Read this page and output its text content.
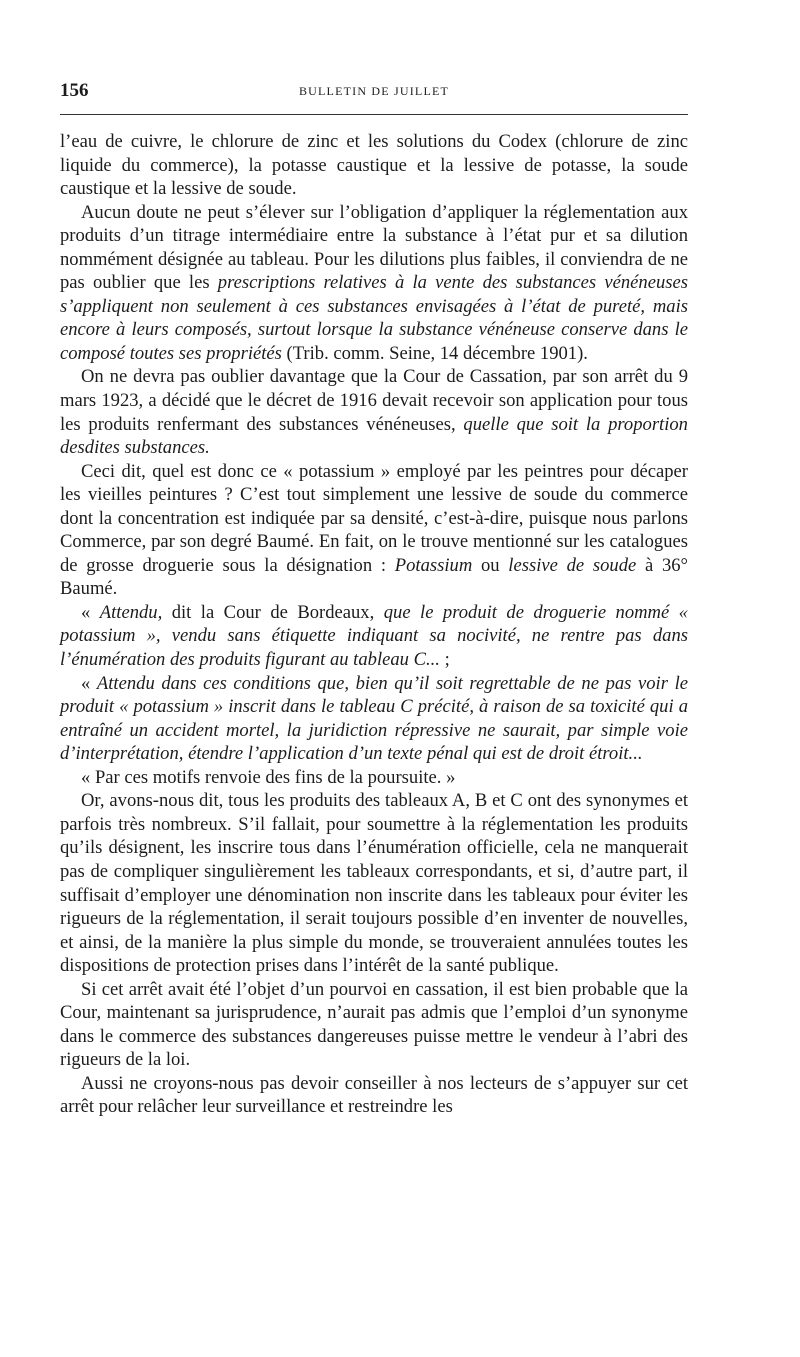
156	BULLETIN DE JUILLET

l’eau de cuivre, le chlorure de zinc et les solutions du Codex (chlorure de zinc liquide du commerce), la potasse caustique et la lessive de potasse, la soude caustique et la lessive de soude.

Aucun doute ne peut s’élever sur l’obligation d’appliquer la réglementation aux produits d’un titrage intermédiaire entre la substance à l’état pur et sa dilution nommément désignée au tableau. Pour les dilutions plus faibles, il conviendra de ne pas oublier que les prescriptions relatives à la vente des substances vénéneuses s’appliquent non seulement à ces substances envisagées à l’état de pureté, mais encore à leurs composés, surtout lorsque la substance vénéneuse conserve dans le composé toutes ses propriétés (Trib. comm. Seine, 14 décembre 1901).

On ne devra pas oublier davantage que la Cour de Cassation, par son arrêt du 9 mars 1923, a décidé que le décret de 1916 devait recevoir son application pour tous les produits renfermant des substances vénéneuses, quelle que soit la proportion desdites substances.

Ceci dit, quel est donc ce « potassium » employé par les peintres pour décaper les vieilles peintures ? C’est tout simplement une lessive de soude du commerce dont la concentration est indiquée par sa densité, c’est-à-dire, puisque nous parlons Commerce, par son degré Baumé. En fait, on le trouve mentionné sur les catalogues de grosse droguerie sous la désignation : Potassium ou lessive de soude à 36° Baumé.

« Attendu, dit la Cour de Bordeaux, que le produit de droguerie nommé « potassium », vendu sans étiquette indiquant sa nocivité, ne rentre pas dans l’énumération des produits figurant au tableau C... ;

« Attendu dans ces conditions que, bien qu’il soit regrettable de ne pas voir le produit « potassium » inscrit dans le tableau C précité, à raison de sa toxicité qui a entraîné un accident mortel, la juridiction répressive ne saurait, par simple voie d’interprétation, étendre l’application d’un texte pénal qui est de droit étroit...

« Par ces motifs renvoie des fins de la poursuite. »

Or, avons-nous dit, tous les produits des tableaux A, B et C ont des synonymes et parfois très nombreux. S’il fallait, pour soumettre à la réglementation les produits qu’ils désignent, les inscrire tous dans l’énumération officielle, cela ne manquerait pas de compliquer singulièrement les tableaux correspondants, et si, d’autre part, il suffisait d’employer une dénomination non inscrite dans les tableaux pour éviter les rigueurs de la réglementation, il serait toujours possible d’en inventer de nouvelles, et ainsi, de la manière la plus simple du monde, se trouveraient annulées toutes les dispositions de protection prises dans l’intérêt de la santé publique.

Si cet arrêt avait été l’objet d’un pourvoi en cassation, il est bien probable que la Cour, maintenant sa jurisprudence, n’aurait pas admis que l’emploi d’un synonyme dans le commerce des substances dangereuses puisse mettre le vendeur à l’abri des rigueurs de la loi.

Aussi ne croyons-nous pas devoir conseiller à nos lecteurs de s’appuyer sur cet arrêt pour relâcher leur surveillance et restreindre les
